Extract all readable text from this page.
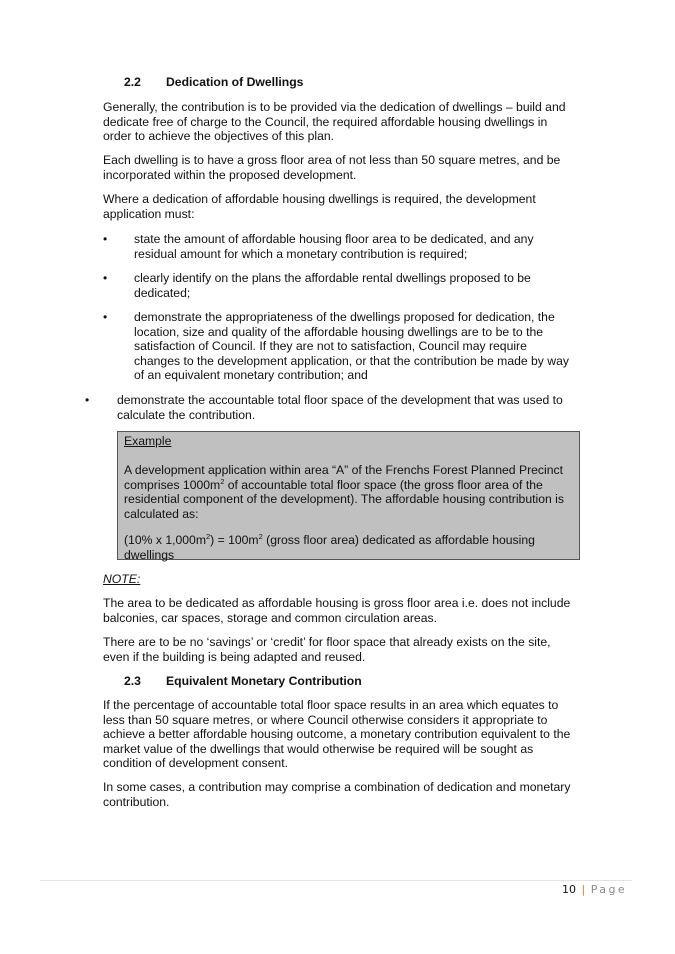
2.2 Dedication of Dwellings

Generally, the contribution is to be provided via the dedication of dwellings – build and dedicate free of charge to the Council, the required affordable housing dwellings in order to achieve the objectives of this plan.

Each dwelling is to have a gross floor area of not less than 50 square metres, and be incorporated within the proposed development.

Where a dedication of affordable housing dwellings is required, the development application must:

• state the amount of affordable housing floor area to be dedicated, and any residual amount for which a monetary contribution is required;

• clearly identify on the plans the affordable rental dwellings proposed to be dedicated;

• demonstrate the appropriateness of the dwellings proposed for dedication, the location, size and quality of the affordable housing dwellings are to be to the satisfaction of Council. If they are not to satisfaction, Council may require changes to the development application, or that the contribution be made by way of an equivalent monetary contribution; and

• demonstrate the accountable total floor space of the development that was used to calculate the contribution.

Example

A development application within area “A” of the Frenchs Forest Planned Precinct comprises $1000m^2$ of accountable total floor space (the gross floor area of the residential component of the development). The affordable housing contribution is calculated as:

(10% x $1,000m^2) = 100m^2$ (gross floor area) dedicated as affordable housing dwellings

NOTE:

The area to be dedicated as affordable housing is gross floor area i.e. does not include balconies, car spaces, storage and common circulation areas.

There are to be no ‘savings’ or ‘credit’ for floor space that already exists on the site, even if the building is being adapted and reused.

2.3 Equivalent Monetary Contribution

If the percentage of accountable total floor space results in an area which equates to less than 50 square metres, or where Council otherwise considers it appropriate to achieve a better affordable housing outcome, a monetary contribution equivalent to the market value of the dwellings that would otherwise be required will be sought as condition of development consent.

In some cases, a contribution may comprise a combination of dedication and monetary contribution.

10 | Page
